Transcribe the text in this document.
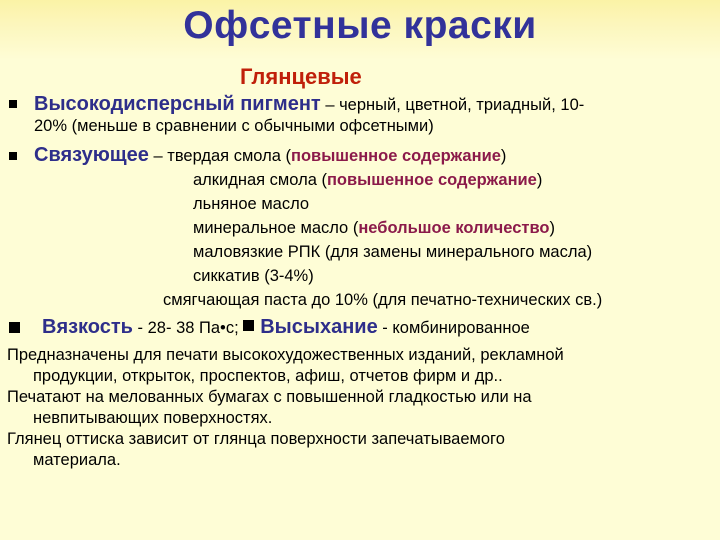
Офсетные краски
Глянцевые
Высокодисперсный пигмент – черный, цветной, триадный, 10-
20% (меньше в сравнении с обычными офсетными)
Связующее – твердая смола (повышенное содержание)
алкидная смола (повышенное содержание)
льняное масло
минеральное масло (небольшое количество)
маловязкие РПК (для замены минерального масла)
сиккатив (3-4%)
смягчающая паста до 10% (для печатно-технических св.)
Вязкость - 28- 38 Па•с; Высыхание - комбинированное
Предназначены для печати высокохудожественных изданий, рекламной
продукции, открыток, проспектов, афиш, отчетов фирм и др..
Печатают на мелованных бумагах с повышенной гладкостью или на
невпитывающих поверхностях.
Глянец оттиска зависит от глянца поверхности запечатываемого
материала.
